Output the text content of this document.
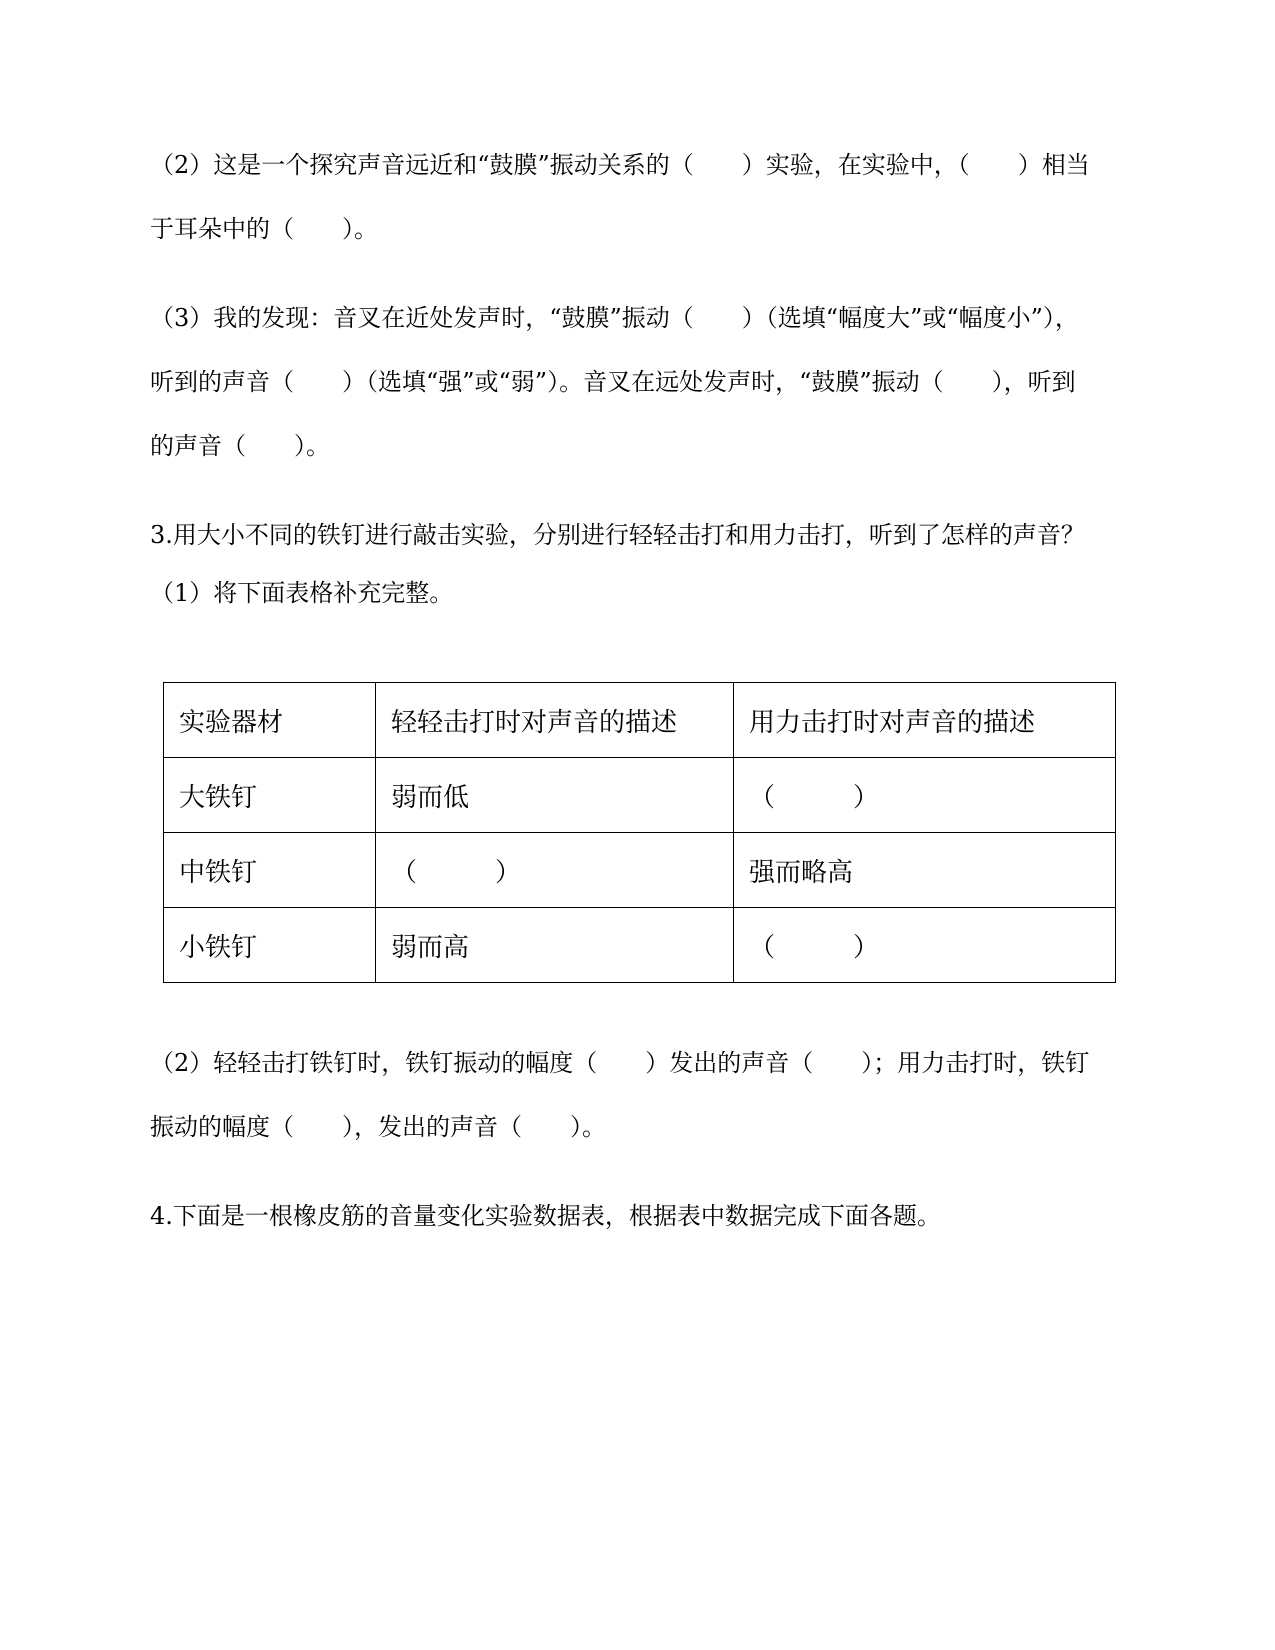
（2）这是一个探究声音远近和“鼓膜”振动关系的（　　）实验，在实验中，（　　）相当
于耳朵中的（　　）。
（3）我的发现：音叉在近处发声时，“鼓膜”振动（　　）（选填“幅度大”或“幅度小”），
听到的声音（　　）（选填“强”或“弱”）。音叉在远处发声时，“鼓膜”振动（　　），听到
的声音（　　）。
3.用大小不同的铁钉进行敲击实验，分别进行轻轻击打和用力击打，听到了怎样的声音？
（1）将下面表格补充完整。
实验器材	轻轻击打时对声音的描述	用力击打时对声音的描述
大铁钉	弱而低	（　　　）
中铁钉	（　　　）	强而略高
小铁钉	弱而高	（　　　）
（2）轻轻击打铁钉时，铁钉振动的幅度（　　）发出的声音（　　）；用力击打时，铁钉
振动的幅度（　　），发出的声音（　　）。
4.下面是一根橡皮筋的音量变化实验数据表，根据表中数据完成下面各题。
